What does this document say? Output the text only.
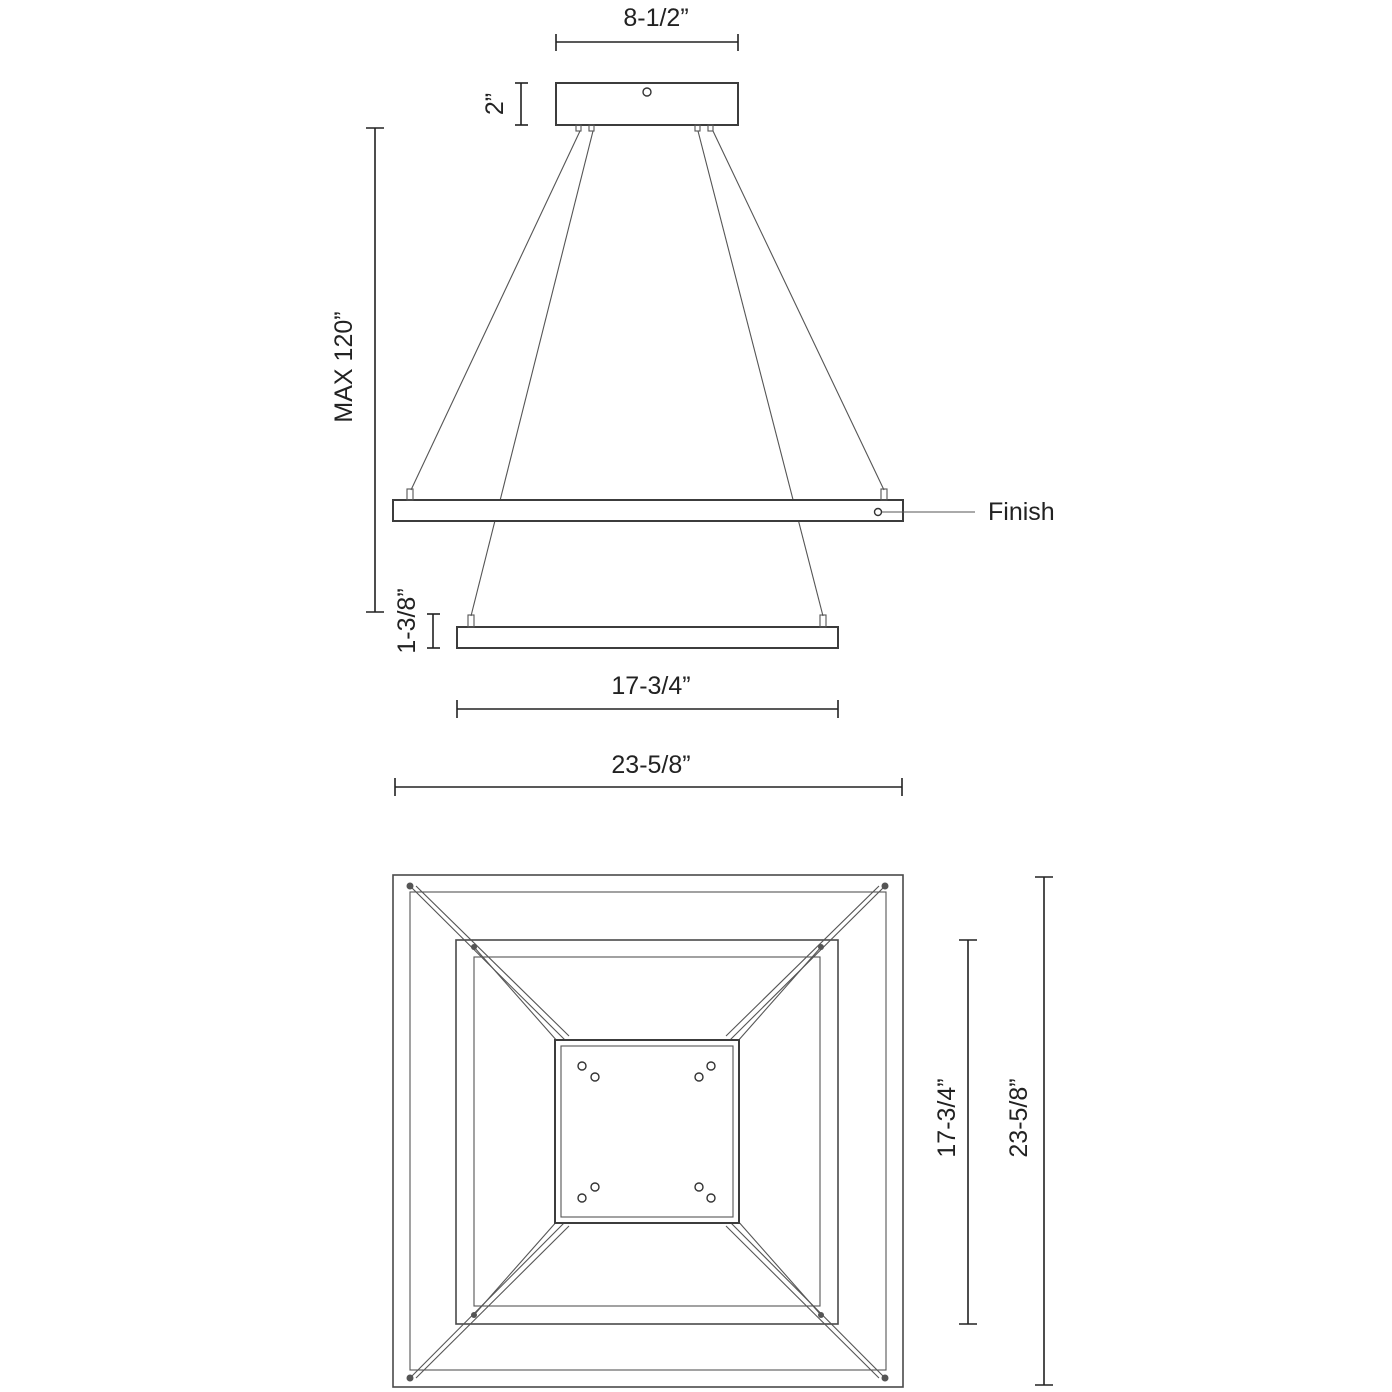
8-1/2”
2”
MAX 120”
Finish
1-3/8”
17-3/4”
23-5/8”
17-3/4” 23-5/8”
